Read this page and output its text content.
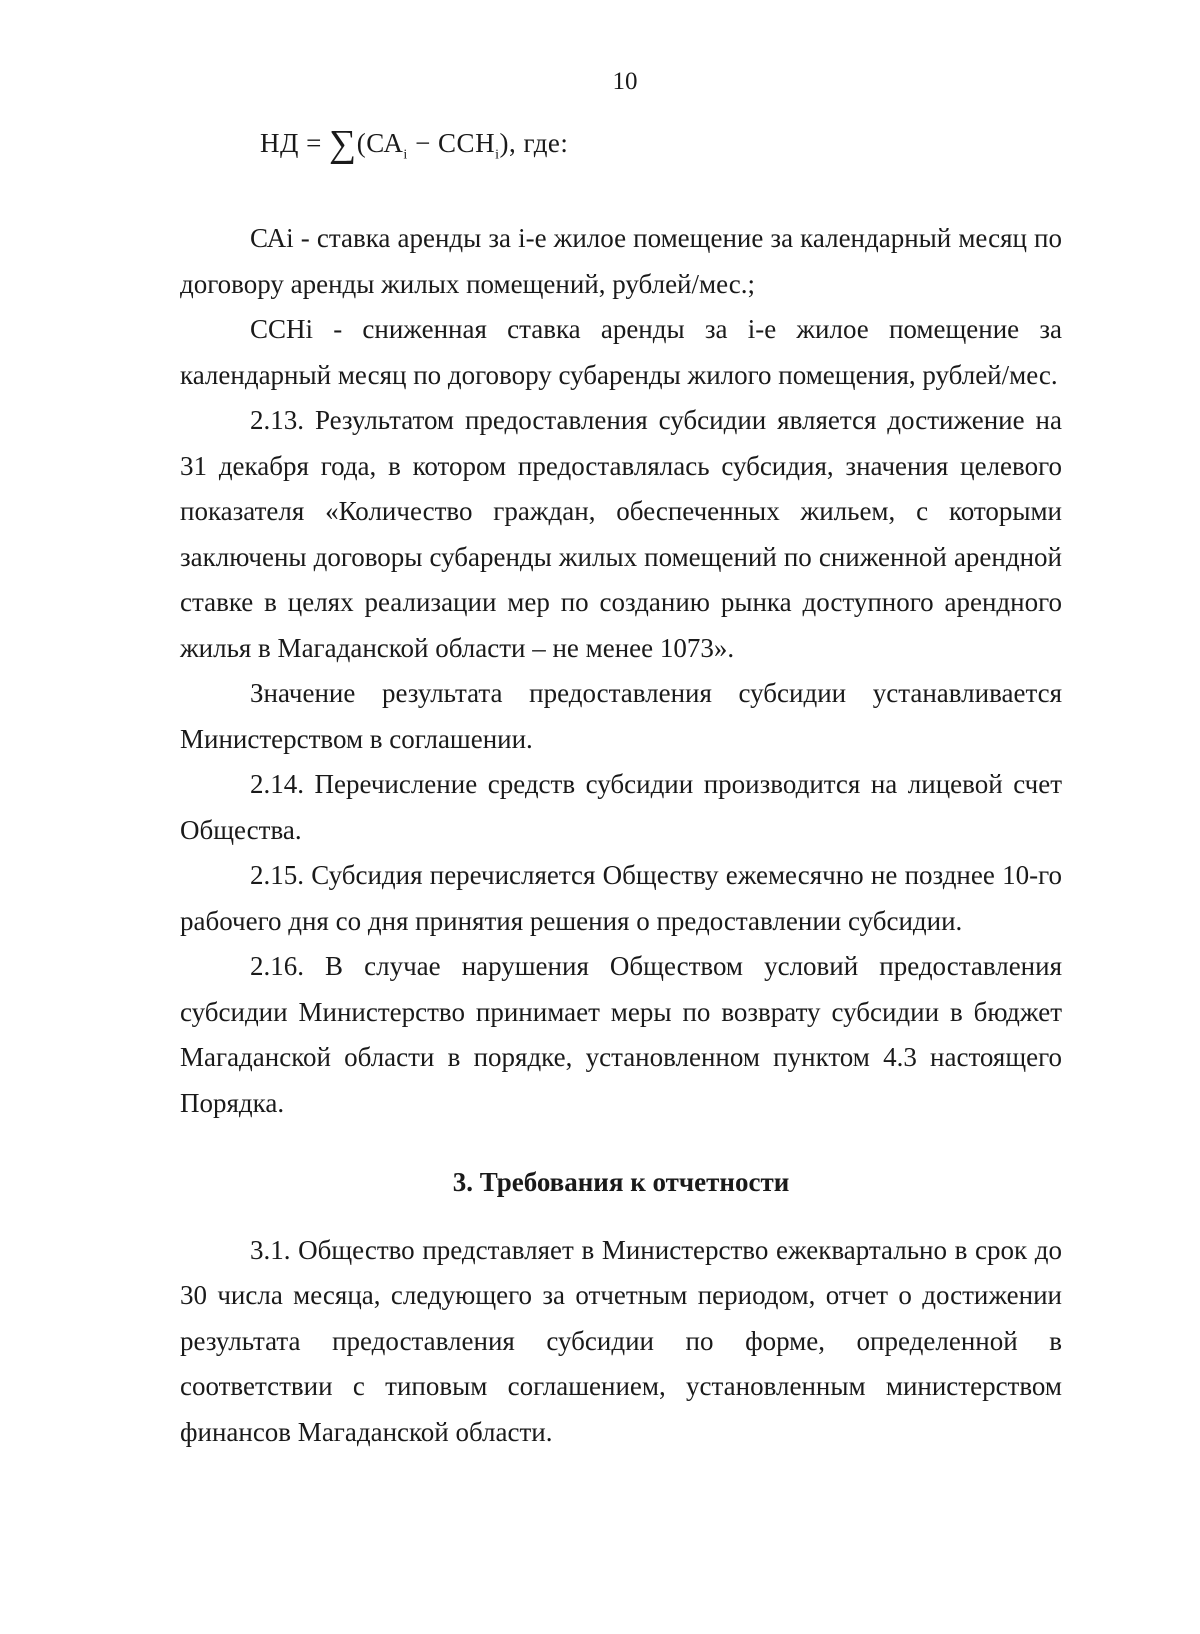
10
НД = $\sum(СА_i - ССН_i)$, где:

САi - ставка аренды за i-е жилое помещение за календарный месяц по договору аренды жилых помещений, рублей/мес.;

ССНi - сниженная ставка аренды за i-е жилое помещение за календарный месяц по договору субаренды жилого помещения, рублей/мес.

2.13. Результатом предоставления субсидии является достижение на 31 декабря года, в котором предоставлялась субсидия, значения целевого показателя «Количество граждан, обеспеченных жильем, с которыми заключены договоры субаренды жилых помещений по сниженной арендной ставке в целях реализации мер по созданию рынка доступного арендного жилья в Магаданской области – не менее 1073».

Значение результата предоставления субсидии устанавливается Министерством в соглашении.

2.14. Перечисление средств субсидии производится на лицевой счет Общества.

2.15. Субсидия перечисляется Обществу ежемесячно не позднее 10-го рабочего дня со дня принятия решения о предоставлении субсидии.

2.16. В случае нарушения Обществом условий предоставления субсидии Министерство принимает меры по возврату субсидии в бюджет Магаданской области в порядке, установленном пунктом 4.3 настоящего Порядка.

3. Требования к отчетности

3.1. Общество представляет в Министерство ежеквартально в срок до 30 числа месяца, следующего за отчетным периодом, отчет о достижении результата предоставления субсидии по форме, определенной в соответствии с типовым соглашением, установленным министерством финансов Магаданской области.
